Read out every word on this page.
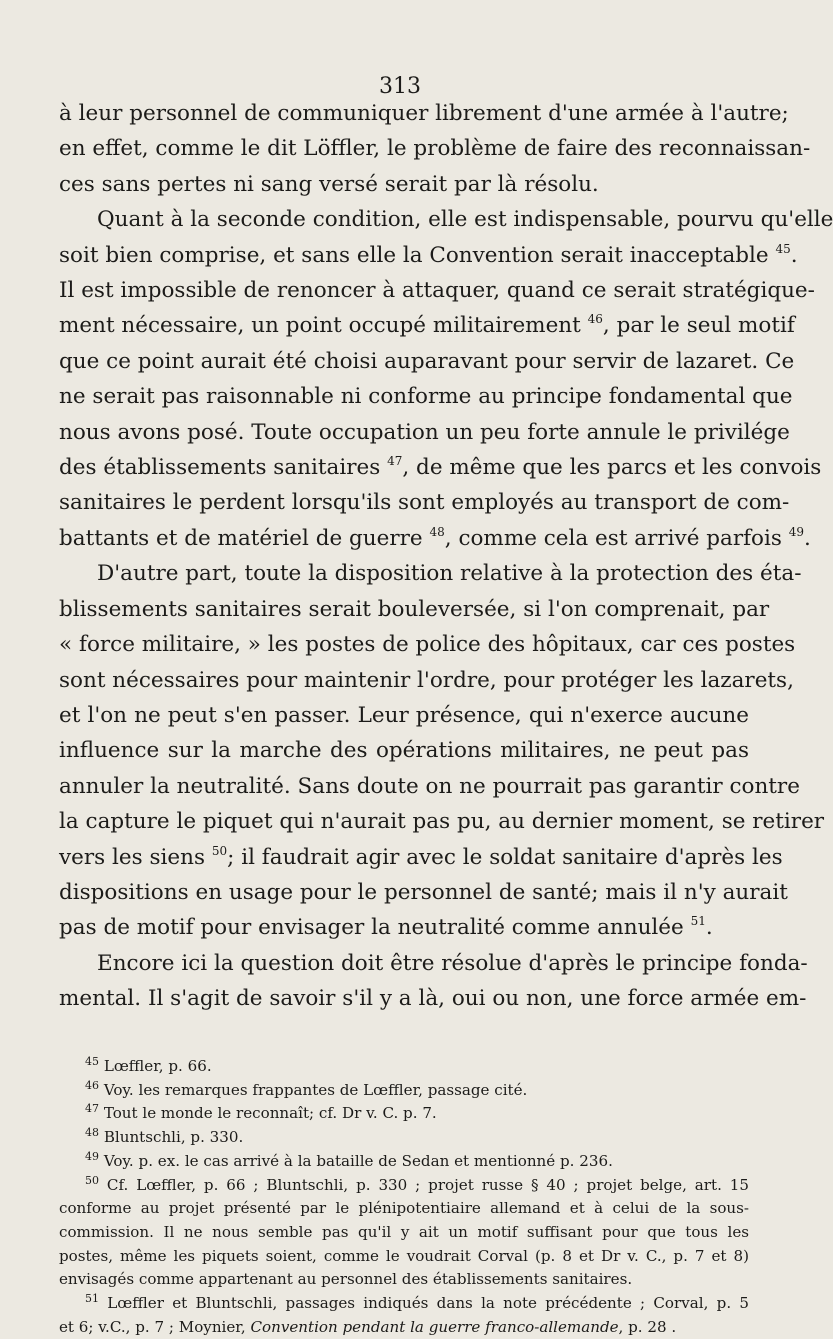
313
à leur personnel de communiquer librement d'une armée à l'autre;
en effet, comme le dit Löffler, le problème de faire des reconnaissan-
ces sans pertes ni sang versé serait par là résolu.
Quant à la seconde condition, elle est indispensable, pourvu qu'elle
soit bien comprise, et sans elle la Convention serait inacceptable $^{45}$.
Il est impossible de renoncer à attaquer, quand ce serait stratégique-
ment nécessaire, un point occupé militairement $^{46}$, par le seul motif
que ce point aurait été choisi auparavant pour servir de lazaret. Ce
ne serait pas raisonnable ni conforme au principe fondamental que
nous avons posé. Toute occupation un peu forte annule le privilége
des établissements sanitaires $^{47}$, de même que les parcs et les convois
sanitaires le perdent lorsqu'ils sont employés au transport de com-
battants et de matériel de guerre $^{48}$, comme cela est arrivé parfois $^{49}$.
D'autre part, toute la disposition relative à la protection des éta-
blissements sanitaires serait bouleversée, si l'on comprenait, par
« force militaire, » les postes de police des hôpitaux, car ces postes
sont nécessaires pour maintenir l'ordre, pour protéger les lazarets,
et l'on ne peut s'en passer. Leur présence, qui n'exerce aucune
influence sur la marche des opérations militaires, ne peut pas
annuler la neutralité. Sans doute on ne pourrait pas garantir contre
la capture le piquet qui n'aurait pas pu, au dernier moment, se retirer
vers les siens $^{50}$; il faudrait agir avec le soldat sanitaire d'après les
dispositions en usage pour le personnel de santé; mais il n'y aurait
pas de motif pour envisager la neutralité comme annulée $^{51}$.
Encore ici la question doit être résolue d'après le principe fonda-
mental. Il s'agit de savoir s'il y a là, oui ou non, une force armée em-
$^{45}$ Lœffler, p. 66.
$^{46}$ Voy. les remarques frappantes de Lœffler, passage cité.
$^{47}$ Tout le monde le reconnaît; cf. Dr v. C. p. 7.
$^{48}$ Bluntschli, p. 330.
$^{49}$ Voy. p. ex. le cas arrivé à la bataille de Sedan et mentionné p. 236.
$^{50}$ Cf. Lœffler, p. 66 ; Bluntschli, p. 330 ; projet russe § 40 ; projet belge, art. 15
conforme au projet présenté par le plénipotentiaire allemand et à celui de la sous-
commission. Il ne nous semble pas qu'il y ait un motif suffisant pour que tous les
postes, même les piquets soient, comme le voudrait Corval (p. 8 et Dr v. C., p. 7 et 8)
envisagés comme appartenant au personnel des établissements sanitaires.
$^{51}$ Lœffler et Bluntschli, passages indiqués dans la note précédente ; Corval, p. 5
et 6; v.C., p. 7 ; Moynier, Convention pendant la guerre franco-allemande, p. 28 .
